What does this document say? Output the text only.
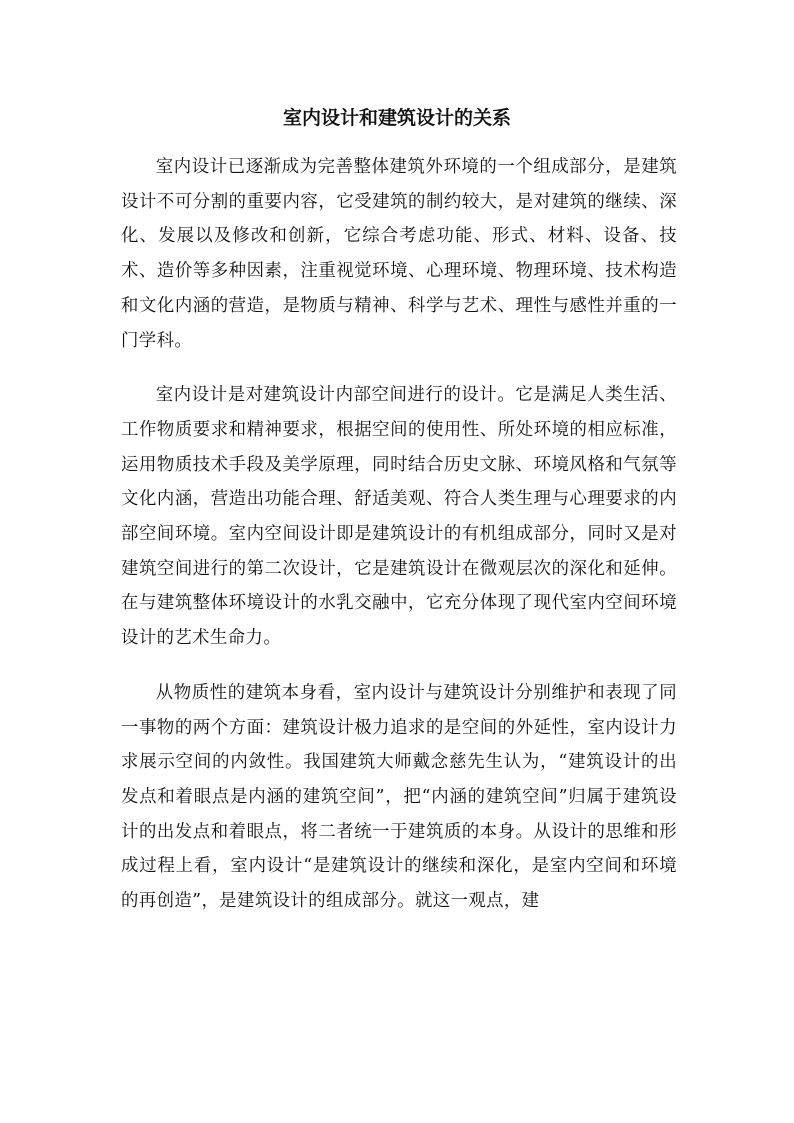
室内设计和建筑设计的关系

室内设计已逐渐成为完善整体建筑外环境的一个组成部分，是建筑设计不可分割的重要内容，它受建筑的制约较大，是对建筑的继续、深化、发展以及修改和创新，它综合考虑功能、形式、材料、设备、技术、造价等多种因素，注重视觉环境、心理环境、物理环境、技术构造和文化内涵的营造，是物质与精神、科学与艺术、理性与感性并重的一门学科。

室内设计是对建筑设计内部空间进行的设计。它是满足人类生活、工作物质要求和精神要求，根据空间的使用性、所处环境的相应标准，运用物质技术手段及美学原理，同时结合历史文脉、环境风格和气氛等文化内涵，营造出功能合理、舒适美观、符合人类生理与心理要求的内部空间环境。室内空间设计即是建筑设计的有机组成部分，同时又是对建筑空间进行的第二次设计，它是建筑设计在微观层次的深化和延伸。在与建筑整体环境设计的水乳交融中，它充分体现了现代室内空间环境设计的艺术生命力。

从物质性的建筑本身看，室内设计与建筑设计分别维护和表现了同一事物的两个方面：建筑设计极力追求的是空间的外延性，室内设计力求展示空间的内敛性。我国建筑大师戴念慈先生认为，“建筑设计的出发点和着眼点是内涵的建筑空间”，把“内涵的建筑空间”归属于建筑设计的出发点和着眼点，将二者统一于建筑质的本身。从设计的思维和形成过程上看，室内设计“是建筑设计的继续和深化，是室内空间和环境的再创造”，是建筑设计的组成部分。就这一观点，建
